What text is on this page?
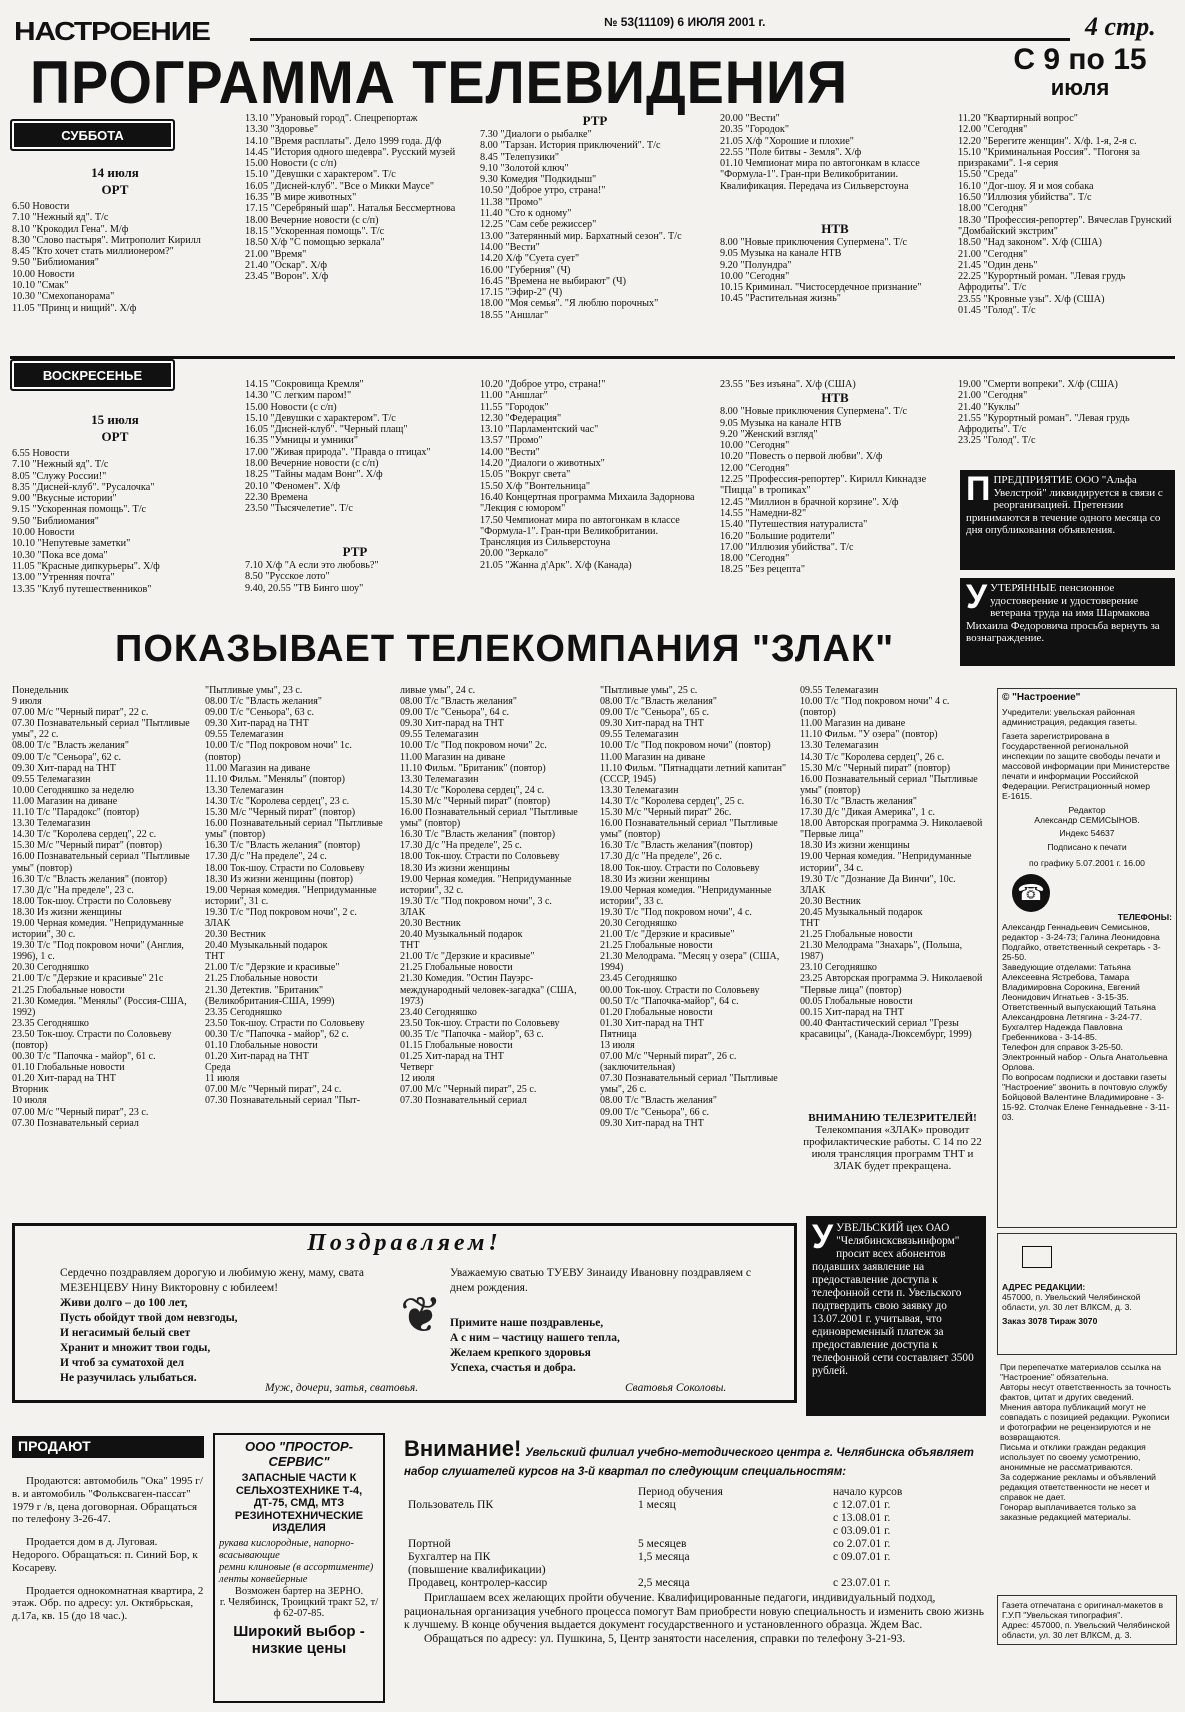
НАСТРОЕНИЕ	№ 53(11109) 6 ИЮЛЯ 2001 г.	4 стр.
ПРОГРАММА ТЕЛЕВИДЕНИЯ	С 9 по 15
июля
СУББОТА
14 июля
ОРТ
6.50 Новости
7.10 "Нежный яд". Т/с
8.10 "Крокодил Гена". М/ф
8.30 "Слово пастыря". Митрополит Кирилл
8.45 "Кто хочет стать миллионером?"
9.50 "Библиомания"
10.00 Новости
10.10 "Смак"
10.30 "Смехопанорама"
11.05 "Принц и нищий". Х/ф
13.10 "Урановый город". Спецрепортаж
13.30 "Здоровье"
14.10 "Время расплаты". Дело 1999 года. Д/ф
14.45 "История одного шедевра". Русский музей
15.00 Новости (с с/п)
15.10 "Девушки с характером". Т/с
16.05 "Дисней-клуб". "Все о Микки Маусе"
16.35 "В мире животных"
17.15 "Серебряный шар". Наталья Бессмертнова
18.00 Вечерние новости (с с/п)
18.15 "Ускоренная помощь". Т/с
18.50 Х/ф "С помощью зеркала"
21.00 "Время"
21.40 "Оскар". Х/ф
23.45 "Ворон". Х/ф
РТР
7.30 "Диалоги о рыбалке"
8.00 "Тарзан. История приключений". Т/с
8.45 "Телепузики"
9.10 "Золотой ключ"
9.30 Комедия "Подкидыш"
10.50 "Доброе утро, страна!"
11.38 "Промо"
11.40 "Сто к одному"
12.25 "Сам себе режиссер"
13.00 "Затерянный мир. Бархатный сезон". Т/с
14.00 "Вести"
14.20 Х/ф "Суета сует"
16.00 "Губерния" (Ч)
16.45 "Времена не выбирают" (Ч)
17.15 "Эфир-2" (Ч)
18.00 "Моя семья". "Я люблю порочных"
18.55 "Аншлаг"
20.00 "Вести"
20.35 "Городок"
21.05 Х/ф "Хорошие и плохие"
22.55 "Поле битвы - Земля". Х/ф
01.10 Чемпионат мира по автогонкам в классе "Формула-1". Гран-при Великобритании. Квалификация. Передача из Сильверстоуна
НТВ
8.00 "Новые приключения Супермена". Т/с
9.05 Музыка на канале НТВ
9.20 "Полундра"
10.00 "Сегодня"
10.15 Криминал. "Чистосердечное признание"
10.45 "Растительная жизнь"
11.20 "Квартирный вопрос"
12.00 "Сегодня"
12.20 "Берегите женщин". Х/ф. 1-я, 2-я с.
15.10 "Криминальная Россия". "Погоня за призраками". 1-я серия
15.50 "Среда"
16.10 "Дог-шоу. Я и моя собака
16.50 "Иллюзия убийства". Т/с
18.00 "Сегодня"
18.30 "Профессия-репортер". Вячеслав Грунский "Домбайский экстрим"
18.50 "Над законом". Х/ф (США)
21.00 "Сегодня"
21.45 "Один день"
22.25 "Курортный роман. "Левая грудь Афродиты". Т/с
23.55 "Кровные узы". Х/ф (США)
01.45 "Голод". Т/с
ВОСКРЕСЕНЬЕ
15 июля
ОРТ
6.55 Новости
7.10 "Нежный яд". Т/с
8.05 "Служу России!"
8.35 "Дисней-клуб". "Русалочка"
9.00 "Вкусные истории"
9.15 "Ускоренная помощь". Т/с
9.50 "Библиомания"
10.00 Новости
10.10 "Непутевые заметки"
10.30 "Пока все дома"
11.05 "Красные дипкурьеры". Х/ф
13.00 "Утренняя почта"
13.35 "Клуб путешественников"
14.15 "Сокровища Кремля"
14.30 "С легким паром!"
15.00 Новости (с с/п)
15.10 "Девушки с характером". Т/с
16.05 "Дисней-клуб". "Черный плащ"
16.35 "Умницы и умники"
17.00 "Живая природа". "Правда о птицах"
18.00 Вечерние новости (с с/п)
18.25 "Тайны мадам Вонг". Х/ф
20.10 "Феномен". Х/ф
22.30 Времена
23.50 "Тысячелетие". Т/с
РТР
7.10 Х/ф "А если это любовь?"
8.50 "Русское лото"
9.40, 20.55 "ТВ Бинго шоу"
10.20 "Доброе утро, страна!"
11.00 "Аншлаг"
11.55 "Городок"
12.30 "Федерация"
13.10 "Парламентский час"
13.57 "Промо"
14.00 "Вести"
14.20 "Диалоги о животных"
15.05 "Вокруг света"
15.50 Х/ф "Вонтельница"
16.40 Концертная программа Михаила Задорнова "Лекция с юмором"
17.50 Чемпионат мира по автогонкам в классе "Формула-1". Гран-при Великобритании. Трансляция из Сильверстоуна
20.00 "Зеркало"
21.05 "Жанна д'Арк". Х/ф (Канада)
23.55 "Без изъяна". Х/ф (США)
НТВ
8.00 "Новые приключения Супермена". Т/с
9.05 Музыка на канале НТВ
9.20 "Женский взгляд"
10.00 "Сегодня"
10.20 "Повесть о первой любви". Х/ф
12.00 "Сегодня"
12.25 "Профессия-репортер". Кирилл Кикнадзе "Пицца" в тропиках"
12.45 "Миллион в брачной корзине". Х/ф
14.55 "Намедни-82"
15.40 "Путешествия натуралиста"
16.20 "Большие родители"
17.00 "Иллюзия убийства". Т/с
18.00 "Сегодня"
18.25 "Без рецепта"
19.00 "Смерти вопреки". Х/ф (США)
21.00 "Сегодня"
21.40 "Куклы"
21.55 "Курортный роман". "Левая грудь Афродиты". Т/с
23.25 "Голод". Т/с
ППРЕДПРИЯТИЕ ООО "Альфа Увелстрой" ликвидируется в связи с реорганизацией. Претензии принимаются в течение одного месяца со дня опубликования объявления.
УУТЕРЯННЫЕ пенсионное удостоверение и удостоверение ветерана труда на имя Шармакова Михаила Федоровича просьба вернуть за вознаграждение.
ПОКАЗЫВАЕТ ТЕЛЕКОМПАНИЯ "ЗЛАК"
Понедельник
9 июля
07.00 М/с "Черный пират", 22 с.
07.30 Познавательный сериал "Пытливые умы", 22 с.
08.00 Т/с "Власть желания"
09.00 Т/с "Сеньора", 62 с.
09.30 Хит-парад на ТНТ
09.55 Телемагазин
10.00 Сегодняшко за неделю
11.00 Магазин на диване
11.10 Т/с "Парадокс" (повтор)
13.30 Телемагазин
14.30 Т/с "Королева сердец", 22 с.
15.30 М/с "Черный пират" (повтор)
16.00 Познавательный сериал "Пытливые умы" (повтор)
16.30 Т/с "Власть желания" (повтор)
17.30 Д/с "На пределе", 23 с.
18.00 Ток-шоу. Стрəсти по Соловьеву
18.30 Из жизни женщины
19.00 Черная комедия. "Непридуманные истории", 30 с.
19.30 Т/с "Под покровом ночи" (Англия, 1996), 1 с.
20.30 Сегодняшко
21.00 Т/с "Дерзкие и красивые" 21с
21.25 Глобальные новости
21.30 Комедия. "Менялы" (Россия-США, 1992)
23.35 Сегодняшко
23.50 Ток-шоу. Страсти по Соловьеву (повтор)
00.30 Т/с "Папочка - майор", 61 с.
01.10 Глобальные новости
01.20 Хит-парад на ТНТ
Вторник
10 июля
07.00 М/с "Черный пират", 23 с.
07.30 Познавательный сериал
"Пытливые умы", 23 с.
08.00 Т/с "Власть желания"
09.00 Т/с "Сеньора", 63 с.
09.30 Хит-парад на ТНТ
09.55 Телемагазин
10.00 Т/с "Под покровом ночи" 1с. (повтор)
11.00 Магазин на диване
11.10 Фильм. "Менялы" (повтор)
13.30 Телемагазин
14.30 Т/с "Королева сердец", 23 с.
15.30 М/с "Черный пират" (повтор)
16.00 Познавательный сериал "Пытливые умы" (повтор)
16.30 Т/с "Власть желания" (повтор)
17.30 Д/с "На пределе", 24 с.
18.00 Ток-шоу. Страсти по Соловьеву
18.30 Из жизни женщины (повтор)
19.00 Черная комедия. "Непридуманные истории", 31 с.
19.30 Т/с "Под покровом ночи", 2 с.
ЗЛАК
20.30 Вестник
20.40 Музыкальный подарок
ТНТ
21.00 Т/с "Дерзкие и красивые"
21.25 Глобальные новости
21.30 Детектив. "Британик" (Великобритания-США, 1999)
23.35 Сегодняшко
23.50 Ток-шоу. Страсти по Соловьеву
00.30 Т/с "Папочка - майор", 62 с.
01.10 Глобальные новости
01.20 Хит-парад на ТНТ
Среда
11 июля
07.00 М/с "Черный пират", 24 с.
07.30 Познавательный сериал "Пыт-
ливые умы", 24 с.
08.00 Т/с "Власть желания"
09.00 Т/с "Сеньора", 64 с.
09.30 Хит-парад на ТНТ
09.55 Телемагазин
10.00 Т/с "Под покровом ночи" 2с.
11.00 Магазин на диване
11.10 Фильм. "Британик" (повтор)
13.30 Телемагазин
14.30 Т/с "Королева сердец", 24 с.
15.30 М/с "Черный пират" (повтор)
16.00 Познавательный сериал "Пытливые умы" (повтор)
16.30 Т/с "Власть желания" (повтор)
17.30 Д/с "На пределе", 25 с.
18.00 Ток-шоу. Страсти по Соловьеву
18.30 Из жизни женщины
19.00 Черная комедия. "Непридуманные истории", 32 с.
19.30 Т/с "Под покровом ночи", 3 с.
ЗЛАК
20.30 Вестник
20.40 Музыкальный подарок
ТНТ
21.00 Т/с "Дерзкие и красивые"
21.25 Глобальные новости
21.30 Комедия. "Остин Пауэрс-международный человек-загадка" (США, 1973)
23.40 Сегодняшко
23.50 Ток-шоу. Страсти по Соловьеву
00.35 Т/с "Папочка - майор", 63 с.
01.15 Глобальные новости
01.25 Хит-парад на ТНТ
Четверг
12 июля
07.00 М/с "Черный пират", 25 с.
07.30 Познавательный сериал
"Пытливые умы", 25 с.
08.00 Т/с "Власть желания"
09.00 Т/с "Сеньора", 65 с.
09.30 Хит-парад на ТНТ
09.55 Телемагазин
10.00 Т/с "Под покровом ночи" (повтор)
11.00 Магазин на диване
11.10 Фильм. "Пятнадцати летний капитан" (СССР, 1945)
13.30 Телемагазин
14.30 Т/с "Королева сердец", 25 с.
15.30 М/с "Черный пират" 26с.
16.00 Познавательный сериал "Пытливые умы" (повтор)
16.30 Т/с "Власть желания"(повтор)
17.30 Д/с "На пределе", 26 с.
18.00 Ток-шоу. Страсти по Соловьеву
18.30 Из жизни женщины
19.00 Черная комедия. "Непридуманные истории", 33 с.
19.30 Т/с "Под покровом ночи", 4 с.
20.30 Сегодняшко
21.00 Т/с "Дерзкие и красивые"
21.25 Глобальные новости
21.30 Мелодрама. "Месяц у озера" (США, 1994)
23.45 Сегодняшко
00.00 Ток-шоу. Страсти по Соловьеву
00.50 Т/с "Папочка-майор", 64 с.
01.20 Глобальные новости
01.30 Хит-парад на ТНТ
Пятница
13 июля
07.00 М/с "Черный пират", 26 с.(заключительная)
07.30 Познавательный сериал "Пытливые умы", 26 с.
08.00 Т/с "Власть желания"
09.00 Т/с "Сеньора", 66 с.
09.30 Хит-парад на ТНТ
09.55 Телемагазин
10.00 Т/с "Под покровом ночи" 4 с. (повтор)
11.00 Магазин на диване
11.10 Фильм. "У озера" (повтор)
13.30 Телемагазин
14.30 Т/с "Королева сердец", 26 с.
15.30 М/с "Черный пират" (повтор)
16.00 Познавательный сериал "Пытливые умы" (повтор)
16.30 Т/с "Власть желания"
17.30 Д/с "Дикая Америка", 1 с.
18.00 Авторская программа Э. Николаевой "Первые лица"
18.30 Из жизни женщины
19.00 Черная комедия. "Непридуманные истории", 34 с.
19.30 Т/с "Дознание Да Винчи", 10с.
ЗЛАК
20.30 Вестник
20.45 Музыкальный подарок
ТНТ
21.25 Глобальные новости
21.30 Мелодрама "Знахарь", (Польша, 1987)
23.10 Сегодняшко
23.25 Авторская программа Э. Николаевой "Первые лица" (повтор)
00.05 Глобальные новости
00.15 Хит-парад на ТНТ
00.40 Фантастический сериал "Грезы красавицы", (Канада-Люксембург, 1999)
ВНИМАНИЮ ТЕЛЕЗРИТЕЛЕЙ!
Телекомпания «ЗЛАК» проводит профилактические работы. С 14 по 22 июля трансляция программ ТНТ и ЗЛАК будет прекращена.
© "Настроение"
Учредители: увельская районная администрация, редакция газеты.
Газета зарегистрирована в Государственной региональной инспекции по защите свободы печати и массовой информации при Министерстве печати и информации Российской Федерации. Регистрационный номер Е-1615.
Редактор
Александр СЕМИСЫНОВ.
Индекс 54637
Подписано к печати
по графику 5.07.2001 г. 16.00
☎
ТЕЛЕФОНЫ:
Александр Геннадьевич Семисынов, редактор - 3-24-73; Галина Леонидовна Подгайко, ответственный секретарь - 3-25-50.
Заведующие отделами: Татьяна Алексеевна Ястребова, Тамара Владимировна Сорокина, Евгений Леонидович Игнатьев - 3-15-35.
Ответственный выпускающий Татьяна Александровна Летягина - 3-24-77.
Бухгалтер Надежда Павловна Гребенникова - 3-14-85.
Телефон для справок 3-25-50.
Электронный набор - Ольга Анатольевна Орлова.
По вопросам подписки и доставки газеты "Настроение" звонить в почтовую службу Бойцовой Валентине Владимировне - 3-15-92. Столчак Елене Геннадьевне - 3-11-03.
АДРЕС РЕДАКЦИИ:
457000, п. Увельский Челябинской области, ул. 30 лет ВЛКСМ, д. 3.
Заказ 3078 Тираж 3070
При перепечатке материалов ссылка на "Настроение" обязательна.
Авторы несут ответственность за точность фактов, цитат и других сведений.
Мнения автора публикаций могут не совпадать с позицией редакции. Рукописи и фотографии не рецензируются и не возвращаются.
Письма и отклики граждан редакция использует по своему усмотрению, анонимные не рассматриваются.
За содержание рекламы и объявлений редакция ответственности не несет и справок не дает.
Гонорар выплачивается только за заказные редакцией материалы.
Газета отпечатана с оригинал-макетов в Г.У.П "Увельская типография".
Адрес: 457000, п. Увельский Челябинской области, ул. 30 лет ВЛКСМ, д. 3.
Поздравляем!
Сердечно поздравляем дорогую и любимую жену, маму, свата МЕЗЕНЦЕВУ Нину Викторовну с юбилеем!
Живи долго – до 100 лет,
Пусть обойдут твой дом невзгоды,
И негасимый белый свет
Хранит и множит твои годы,
И чтоб за суматохой дел
Не разучилась улыбаться.
Муж, дочери, затья, сватовья.
❦
Уважаемую сватью ТУЕВУ Зинаиду Ивановну поздравляем с днем рождения.
Примите наше поздравленье,
А с ним – частицу нашего тепла,
Желаем крепкого здоровья
Успеха, счастья и добра.
Сватовья Соколовы.
УУВЕЛЬСКИЙ цех ОАО "Челябинсксвязьинформ" просит всех абонентов подавших заявление на предоставление доступа к телефонной сети п. Увельского подтвердить свою заявку до 13.07.2001 г. учитывая, что единовременный платеж за предоставление доступа к телефонной сети составляет 3500 рублей.
ПРОДАЮТ

Продаются: автомобиль "Ока" 1995 г/в. и автомобиль "Фольксваген-пассат" 1979 г /в, цена договорная. Обращаться по телефону 3-26-47.

Продается дом в д. Луговая. Недорого. Обращаться: п. Синий Бор, к Косареву.

Продается однокомнатная квартира, 2 этаж. Обр. по адресу: ул. Октябрьская, д.17а, кв. 15 (до 18 час.).

ООО "ПРОСТОР-СЕРВИС"
ЗАПАСНЫЕ ЧАСТИ К СЕЛЬХОЗТЕХНИКЕ Т-4, ДТ-75, СМД, МТЗ РЕЗИНОТЕХНИЧЕСКИЕ ИЗДЕЛИЯ
рукава кислородные, напорно-всасывающие
ремни клиновые (в ассортименте)
ленты конвейерные
Возможен бартер на ЗЕРНО.
г. Челябинск, Троицкий тракт 52, т/ф 62-07-85.
Широкий выбор - низкие цены
Внимание! Увельский филиал учебно-методического центра г. Челябинска объявляет набор слушателей курсов на 3-й квартал по следующим специальностям:
	Период обучения	начало курсов
Пользователь ПК	1 месяц	с 12.07.01 г.
с 13.08.01 г.
с 03.09.01 г.
Портной	5 месяцев	со 2.07.01 г.
Бухгалтер на ПК
(повышение квалификации)	1,5 месяца	с 09.07.01 г.
Продавец, контролер-кассир	2,5 месяца	с 23.07.01 г.
Приглашаем всех желающих пройти обучение. Квалифицированные педагоги, индивидуальный подход, рациональная организация учебного процесса помогут Вам приобрести новую специальность и изменить свою жизнь к лучшему. В конце обучения выдается документ государственного и установленного образца. Ждем Вас.
Обращаться по адресу: ул. Пушкина, 5, Центр занятости населения, справки по телефону 3-21-93.
